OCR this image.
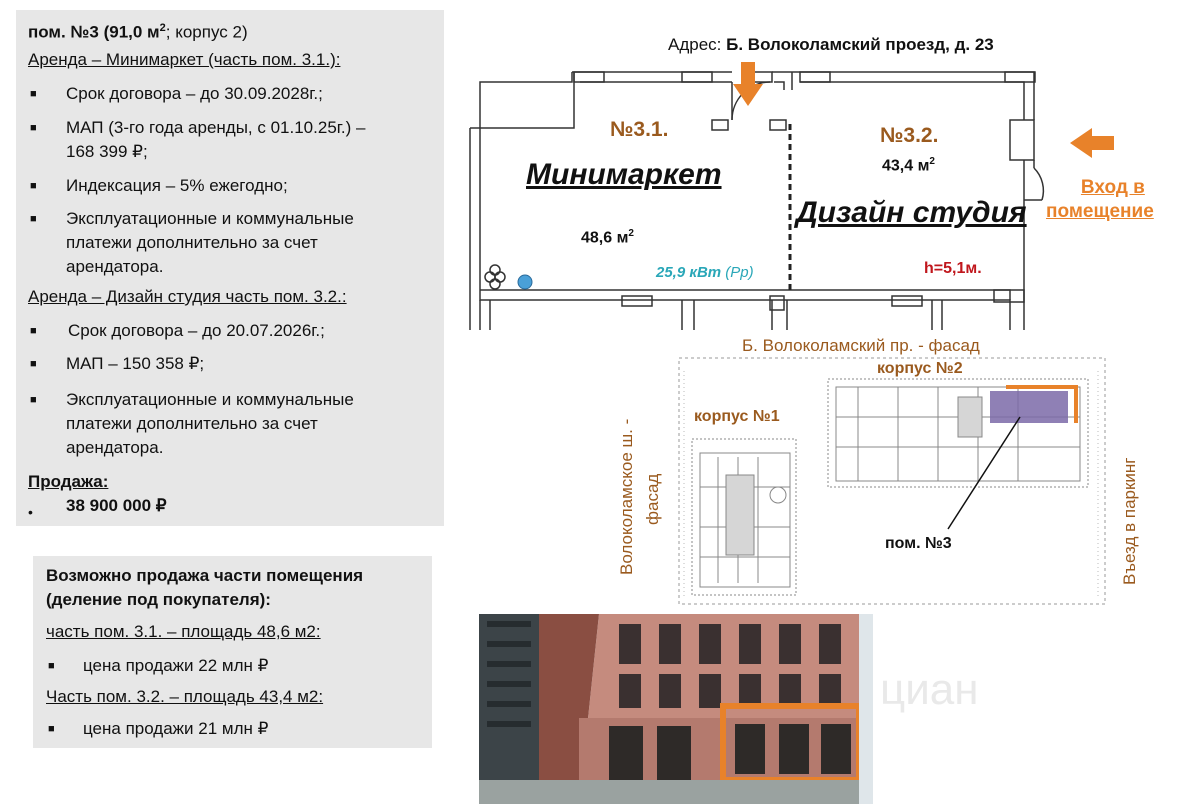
пом. №3 (91,0 $м^2$; корпус 2)
Аренда – Минимаркет (часть пом. 3.1.):
■ Срок договора – до 30.09.2028г.;
■ МАП (3-го года аренды, с 01.10.25г.) –
168 399 ₽;
■ Индексация – 5% ежегодно;
■ Эксплуатационные и коммунальные
платежи дополнительно за счет
арендатора.
Аренда – Дизайн студия часть пом. 3.2.:
■ Срок договора – до 20.07.2026г.;
■ МАП – 150 358 ₽;
■ Эксплуатационные и коммунальные
платежи дополнительно за счет
арендатора.
Продажа:
• 38 900 000 ₽
Возможно продажа части помещения
(деление под покупателя):
часть пом. 3.1. – площадь 48,6 м2:
■ цена продажи 22 млн ₽
Часть пом. 3.2. – площадь 43,4 м2:
■ цена продажи 21 млн ₽
Адрес: Б. Волоколамский проезд, д. 23
№3.1.
Минимаркет
48,6 $м^2$
25,9 кВт (Рр)
№3.2.
43,4 $м^2$
Дизайн студия
h=5,1м.
Вход в
помещение
Б. Волоколамский пр. - фасад
корпус №2
корпус №1
пом. №3
Волоколамское ш. - фасад	Въезд в паркинг
циан
